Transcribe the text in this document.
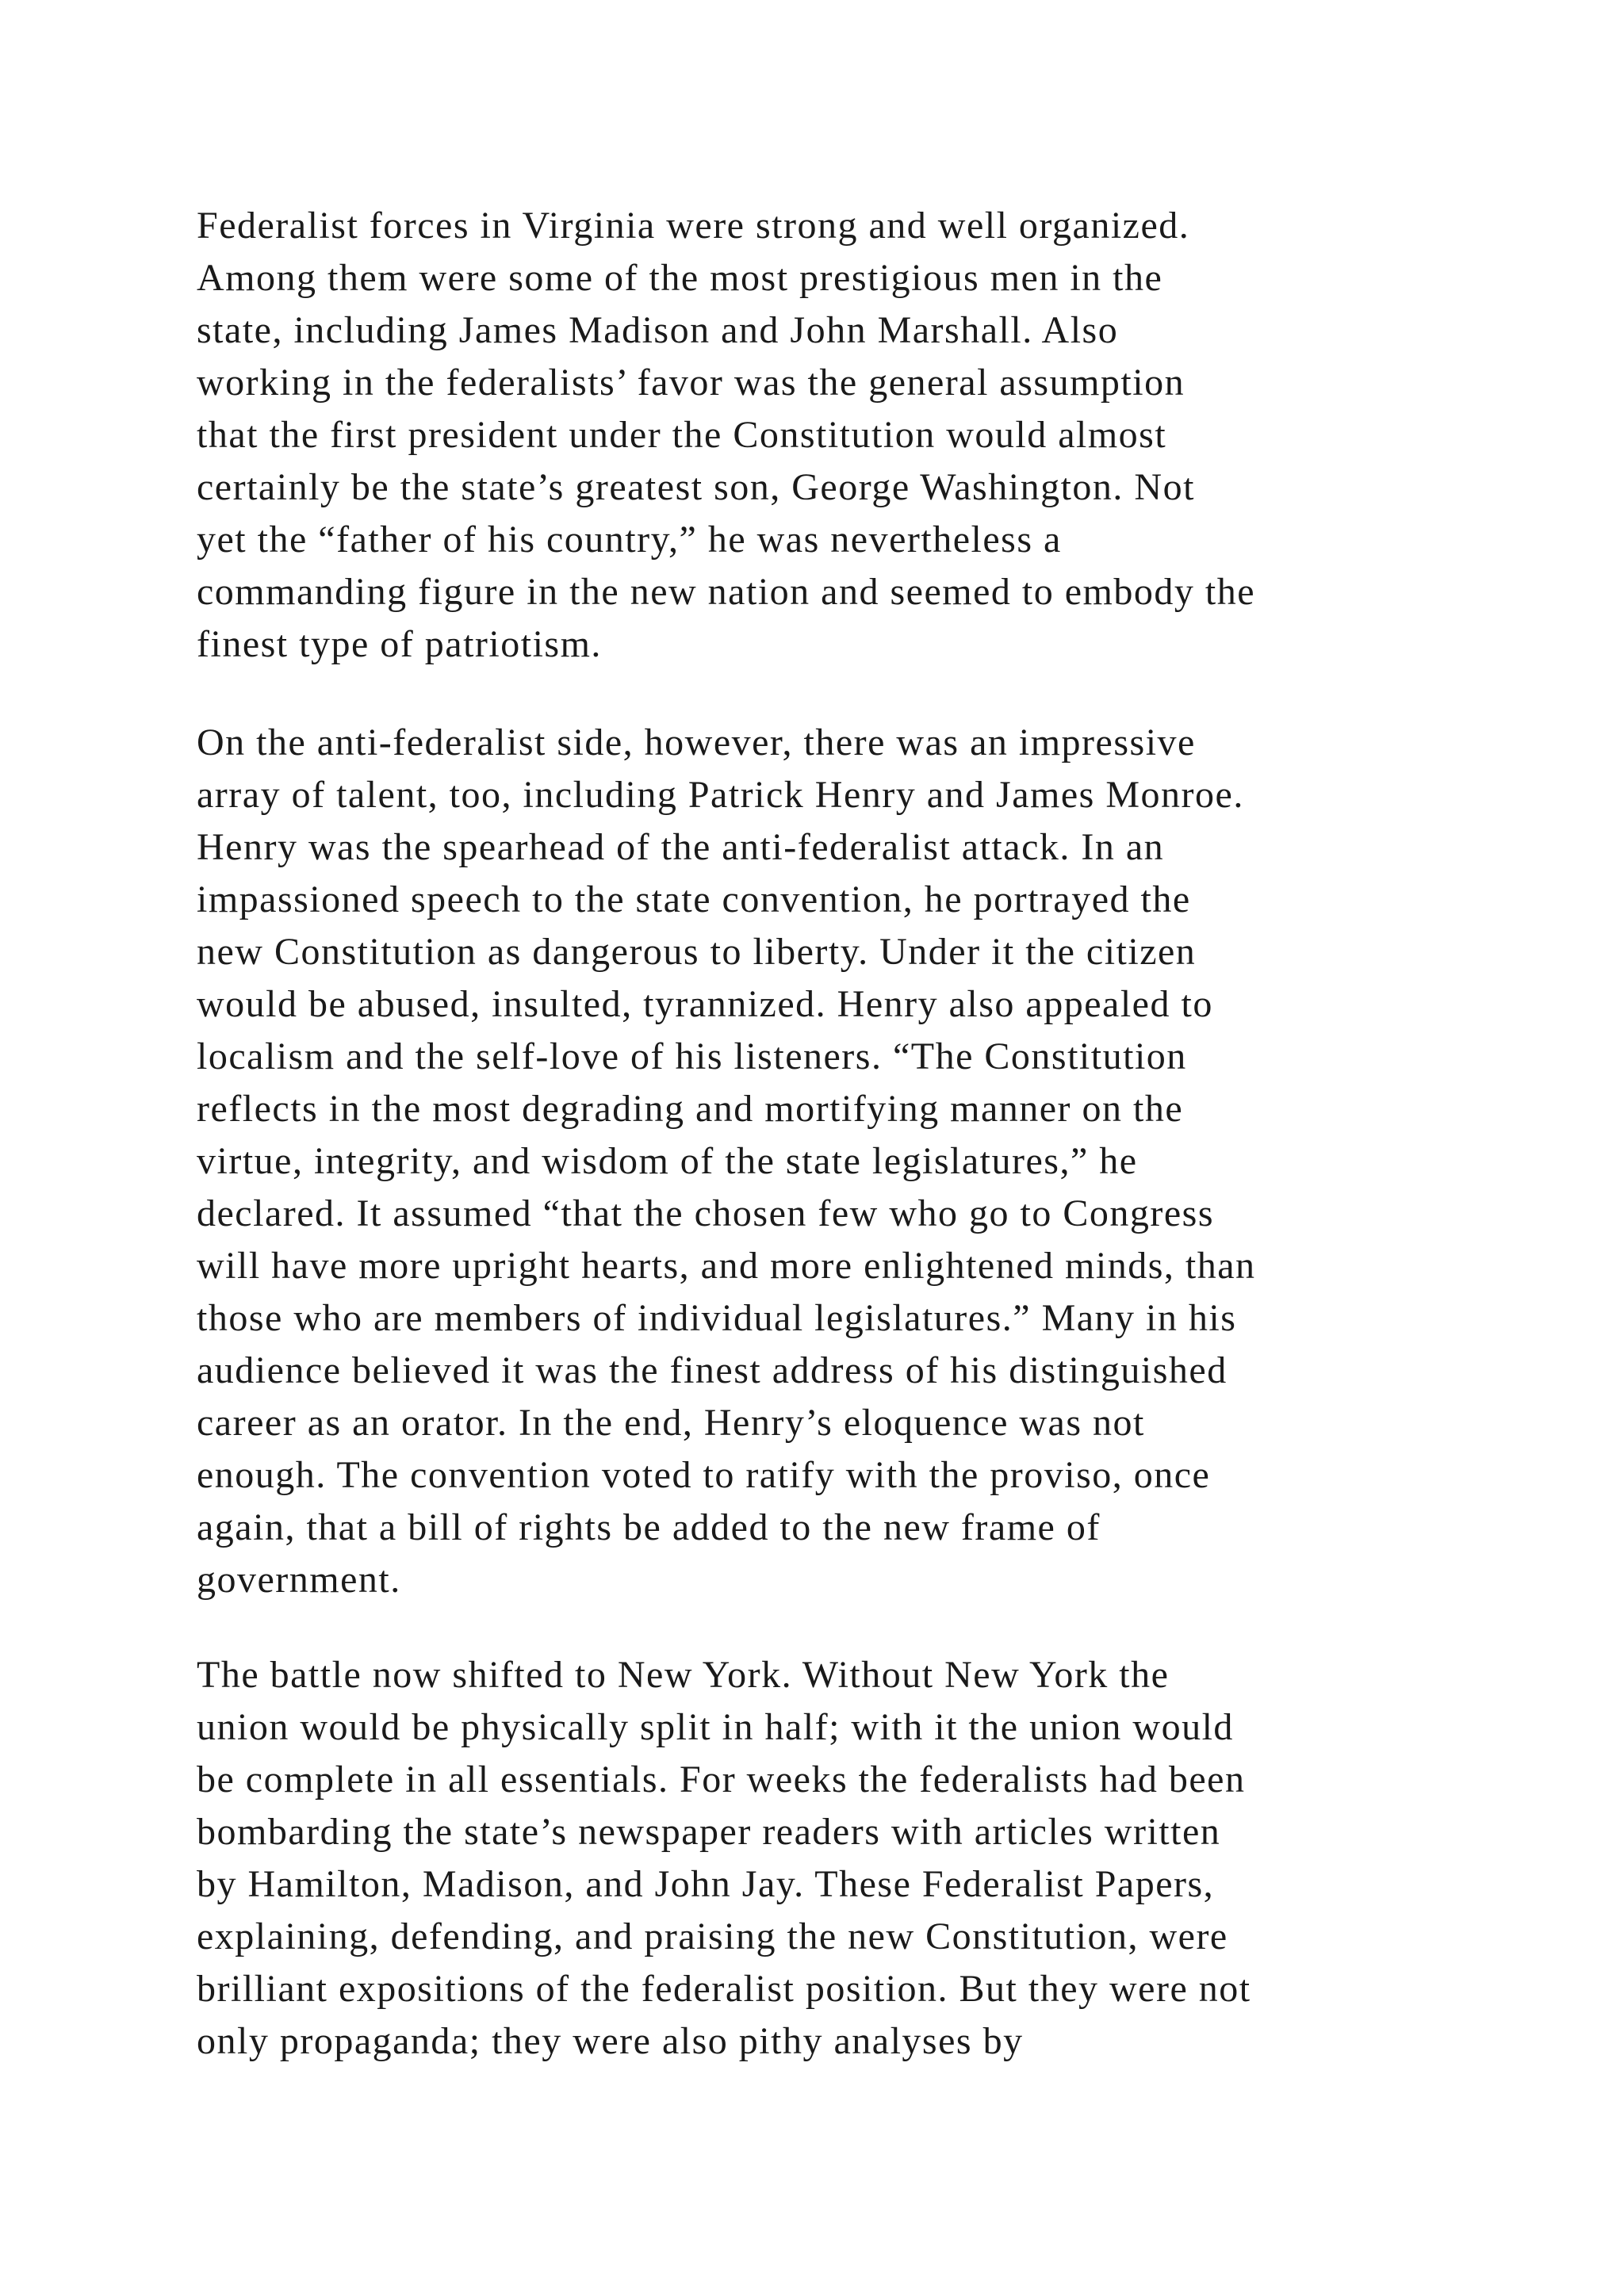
Federalist forces in Virginia were strong and well organized.
Among them were some of the most prestigious men in the
state, including James Madison and John Marshall. Also
working in the federalists’ favor was the general assumption
that the first president under the Constitution would almost
certainly be the state’s greatest son, George Washington. Not
yet the “father of his country,” he was nevertheless a
commanding figure in the new nation and seemed to embody the
finest type of patriotism.

On the anti-federalist side, however, there was an impressive
array of talent, too, including Patrick Henry and James Monroe.
Henry was the spearhead of the anti-federalist attack. In an
impassioned speech to the state convention, he portrayed the
new Constitution as dangerous to liberty. Under it the citizen
would be abused, insulted, tyrannized. Henry also appealed to
localism and the self-love of his listeners. “The Constitution
reflects in the most degrading and mortifying manner on the
virtue, integrity, and wisdom of the state legislatures,” he
declared. It assumed “that the chosen few who go to Congress
will have more upright hearts, and more enlightened minds, than
those who are members of individual legislatures.” Many in his
audience believed it was the finest address of his distinguished
career as an orator. In the end, Henry’s eloquence was not
enough. The convention voted to ratify with the proviso, once
again, that a bill of rights be added to the new frame of
government.

The battle now shifted to New York. Without New York the
union would be physically split in half; with it the union would
be complete in all essentials. For weeks the federalists had been
bombarding the state’s newspaper readers with articles written
by Hamilton, Madison, and John Jay. These Federalist Papers,
explaining, defending, and praising the new Constitution, were
brilliant expositions of the federalist position. But they were not
only propaganda; they were also pithy analyses by
